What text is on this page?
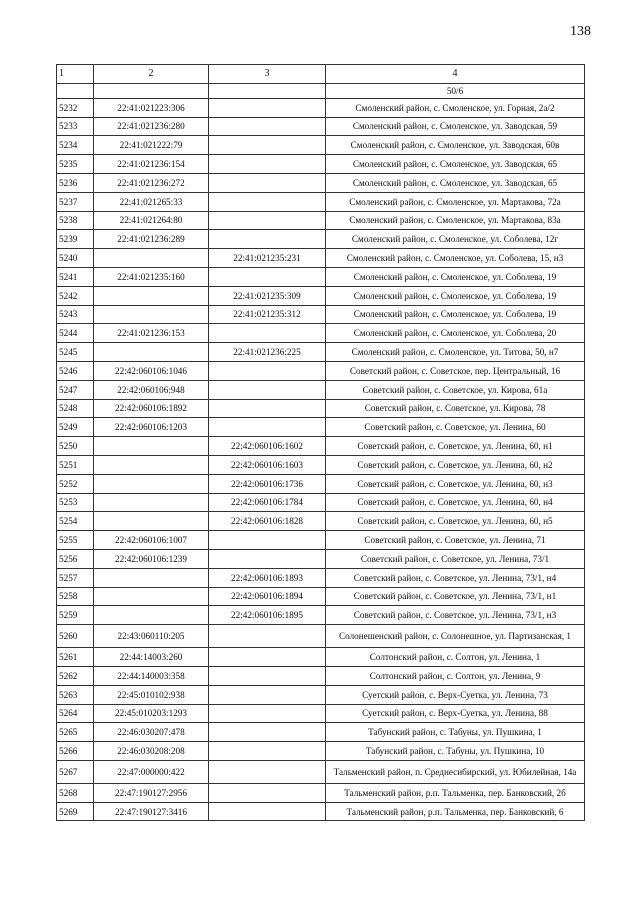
138
1	2	3	4
			50/6
5232	22:41:021223:306		Смоленский район, с. Смоленское, ул. Горная, 2а/2
5233	22:41:021236:280		Смоленский район, с. Смоленское, ул. Заводская, 59
5234	22:41:021222:79		Смоленский район, с. Смоленское, ул. Заводская, 60в
5235	22:41:021236:154		Смоленский район, с. Смоленское, ул. Заводская, 65
5236	22:41:021236:272		Смоленский район, с. Смоленское, ул. Заводская, 65
5237	22:41:021265:33		Смоленский район, с. Смоленское, ул. Мартакова, 72а
5238	22:41:021264:80		Смоленский район, с. Смоленское, ул. Мартакова, 83а
5239	22:41:021236:289		Смоленский район, с. Смоленское, ул. Соболева, 12г
5240		22:41:021235:231	Смоленский район, с. Смоленское, ул. Соболева, 15, н3
5241	22:41:021235:160		Смоленский район, с. Смоленское, ул. Соболева, 19
5242		22:41:021235:309	Смоленский район, с. Смоленское, ул. Соболева, 19
5243		22:41:021235:312	Смоленский район, с. Смоленское, ул. Соболева, 19
5244	22:41:021236:153		Смоленский район, с. Смоленское, ул. Соболева, 20
5245		22:41:021236:225	Смоленский район, с. Смоленское, ул. Титова, 50, н7
5246	22:42:060106:1046		Советский район, с. Советское, пер. Центральный, 16
5247	22:42:060106:948		Советский район, с. Советское, ул. Кирова, 61а
5248	22:42:060106:1892		Советский район, с. Советское, ул. Кирова, 78
5249	22:42:060106:1203		Советский район, с. Советское, ул. Ленина, 60
5250		22:42:060106:1602	Советский район, с. Советское, ул. Ленина, 60, н1
5251		22:42:060106:1603	Советский район, с. Советское, ул. Ленина, 60, н2
5252		22:42:060106:1736	Советский район, с. Советское, ул. Ленина, 60, н3
5253		22:42:060106:1784	Советский район, с. Советское, ул. Ленина, 60, н4
5254		22:42:060106:1828	Советский район, с. Советское, ул. Ленина, 60, н5
5255	22:42:060106:1007		Советский район, с. Советское, ул. Ленина, 71
5256	22:42:060106:1239		Советский район, с. Советское, ул. Ленина, 73/1
5257		22:42:060106:1893	Советский район, с. Советское, ул. Ленина, 73/1, н4
5258		22:42:060106:1894	Советский район, с. Советское, ул. Ленина, 73/1, н1
5259		22:42:060106:1895	Советский район, с. Советское, ул. Ленина, 73/1, н3
5260	22:43:060110:205		Солонешенский район, с. Солонешное, ул. Партизанская, 1
5261	22:44:14003:260		Солтонский район, с. Солтон, ул. Ленина, 1
5262	22:44:140003:358		Солтонский район, с. Солтон, ул. Ленина, 9
5263	22:45:010102:938		Суетский район, с. Верх-Суетка, ул. Ленина, 73
5264	22:45:010203:1293		Суетский район, с. Верх-Суетка, ул. Ленина, 88
5265	22:46:030207:478		Табунский район, с. Табуны, ул. Пушкина, 1
5266	22:46:030208:208		Табунский район, с. Табуны, ул. Пушкина, 10
5267	22:47:000000:422		Тальменский район, п. Среднесибирский, ул. Юбилейная, 14а
5268	22:47:190127:2956		Тальменский район, р.п. Тальменка, пер. Банковский, 2б
5269	22:47:190127:3416		Тальменский район, р.п. Тальменка, пер. Банковский, 6
